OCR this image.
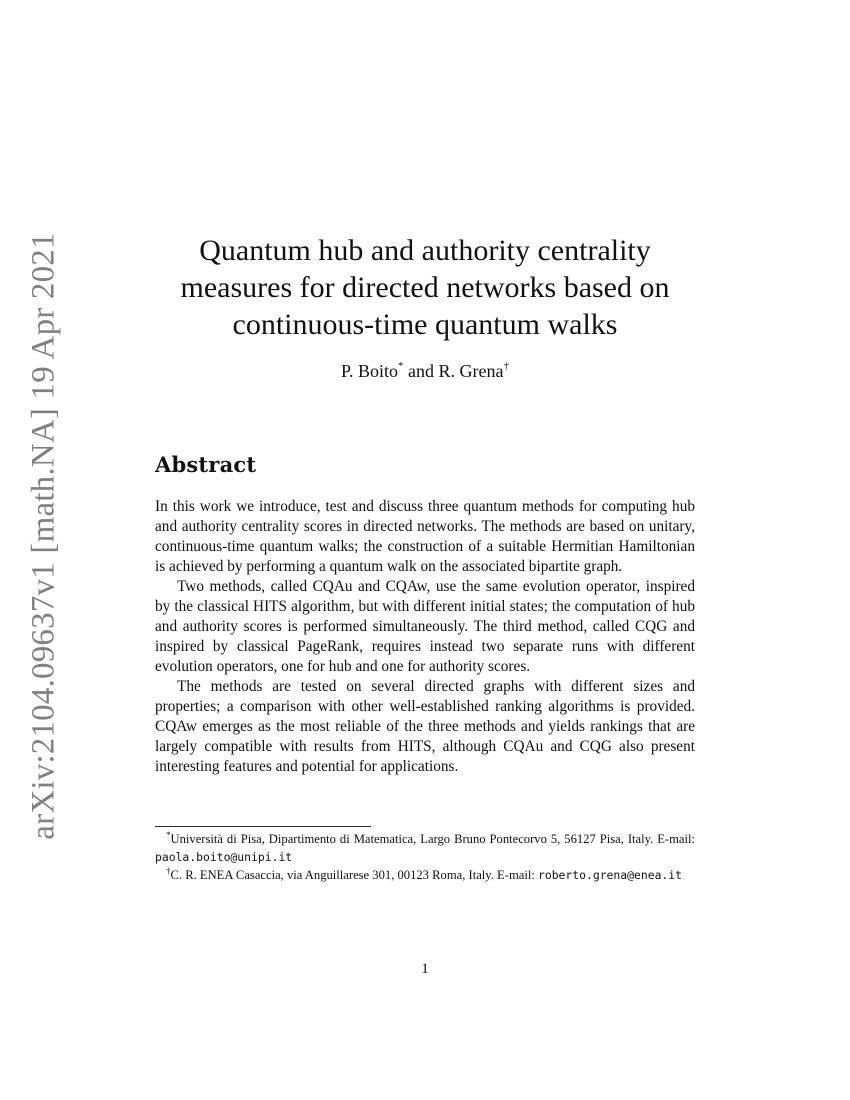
arXiv:2104.09637v1 [math.NA] 19 Apr 2021	Quantum hub and authority centrality
measures for directed networks based on
continuous-time quantum walks
P. Boito* and R. Grena†
Abstract

In this work we introduce, test and discuss three quantum methods for computing hub and authority centrality scores in directed networks. The methods are based on unitary, continuous-time quantum walks; the construction of a suitable Hermitian Hamiltonian is achieved by performing a quantum walk on the associated bipartite graph.

Two methods, called CQAu and CQAw, use the same evolution operator, inspired by the classical HITS algorithm, but with different initial states; the computation of hub and authority scores is performed simultaneously. The third method, called CQG and inspired by classical PageRank, requires instead two separate runs with different evolution operators, one for hub and one for authority scores.

The methods are tested on several directed graphs with different sizes and properties; a comparison with other well-established ranking algorithms is provided. CQAw emerges as the most reliable of the three methods and yields rankings that are largely compatible with results from HITS, although CQAu and CQG also present interesting features and potential for applications.

*Università di Pisa, Dipartimento di Matematica, Largo Bruno Pontecorvo 5, 56127 Pisa, Italy. E-mail: paola.boito@unipi.it

†C. R. ENEA Casaccia, via Anguillarese 301, 00123 Roma, Italy. E-mail: roberto.grena@enea.it

1
